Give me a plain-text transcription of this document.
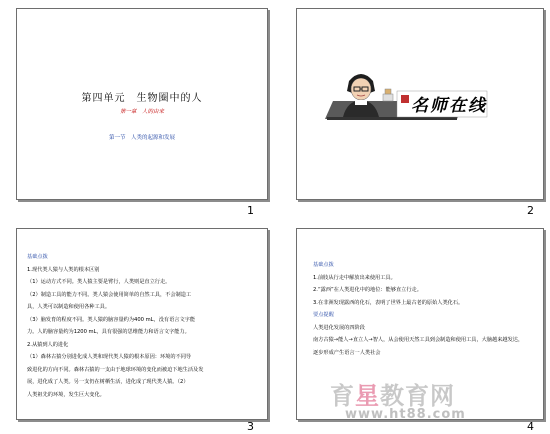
第四单元　生物圈中的人
第一章　人的由来
第一节　人类的起源和发展
1
名师在线
2
基础点拨
1.现代类人猿与人类的根本区别
（1）运动方式不同。类人猿主要是臂行，人类则是直立行走。
（2）制造工具的能力不同。类人猿会使用简单的自然工具，不会制造工
具，人类可以制造和使用各种工具。
（3）脑发育的程度不同。类人猿的脑容量约为400 mL，没有语言文字能
力。人的脑容量约为1200 mL，具有很强的思维能力和语言文字能力。
2.从猿到人的进化
（1）森林古猿分别进化成人类和现代类人猿的根本原因：环境的不同导
致进化的方向不同。森林古猿的一支由于地球环境的变化而被迫下地生活及发
展，进化成了人类。另一支仍在树栖生活，进化成了现代类人猿。（2）
人类祖先的环境，发生巨大变化。
3
基础点拨
1.前肢从行走中解放出来使用工具。
2.“露西”在人类进化中的地位：能够直立行走。
3.在非洲发现露西的化石，表明了世界上最古老的原始人类化石。
要点提醒
人类进化发展的四阶段
南方古猿→能人→直立人→智人，从会使用天然工具到会制造和使用工具，大脑越来越发达，
逐步形成产生语言一人类社会
4
育星教育网
www.ht88.com
